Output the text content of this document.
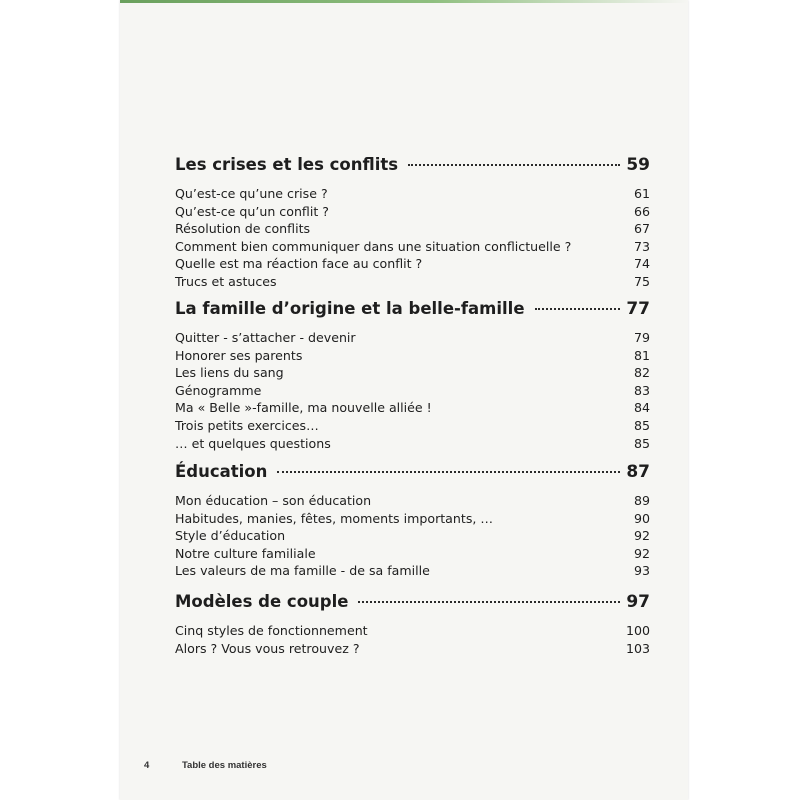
Les crises et les conflits	59
Qu’est-ce qu’une crise ?	61
Qu’est-ce qu’un conflit ?	66
Résolution de conflits	67
Comment bien communiquer dans une situation conflictuelle ?	73
Quelle est ma réaction face au conflit ?	74
Trucs et astuces	75
La famille d’origine et la belle-famille	77
Quitter - s’attacher - devenir	79
Honorer ses parents	81
Les liens du sang	82
Génogramme	83
Ma « Belle »-famille, ma nouvelle alliée !	84
Trois petits exercices…	85
… et quelques questions	85
Éducation	87
Mon éducation – son éducation	89
Habitudes, manies, fêtes, moments importants, …	90
Style d’éducation	92
Notre culture familiale	92
Les valeurs de ma famille - de sa famille	93
Modèles de couple	97
Cinq styles de fonctionnement	100
Alors ? Vous vous retrouvez ?	103
4	Table des matières
